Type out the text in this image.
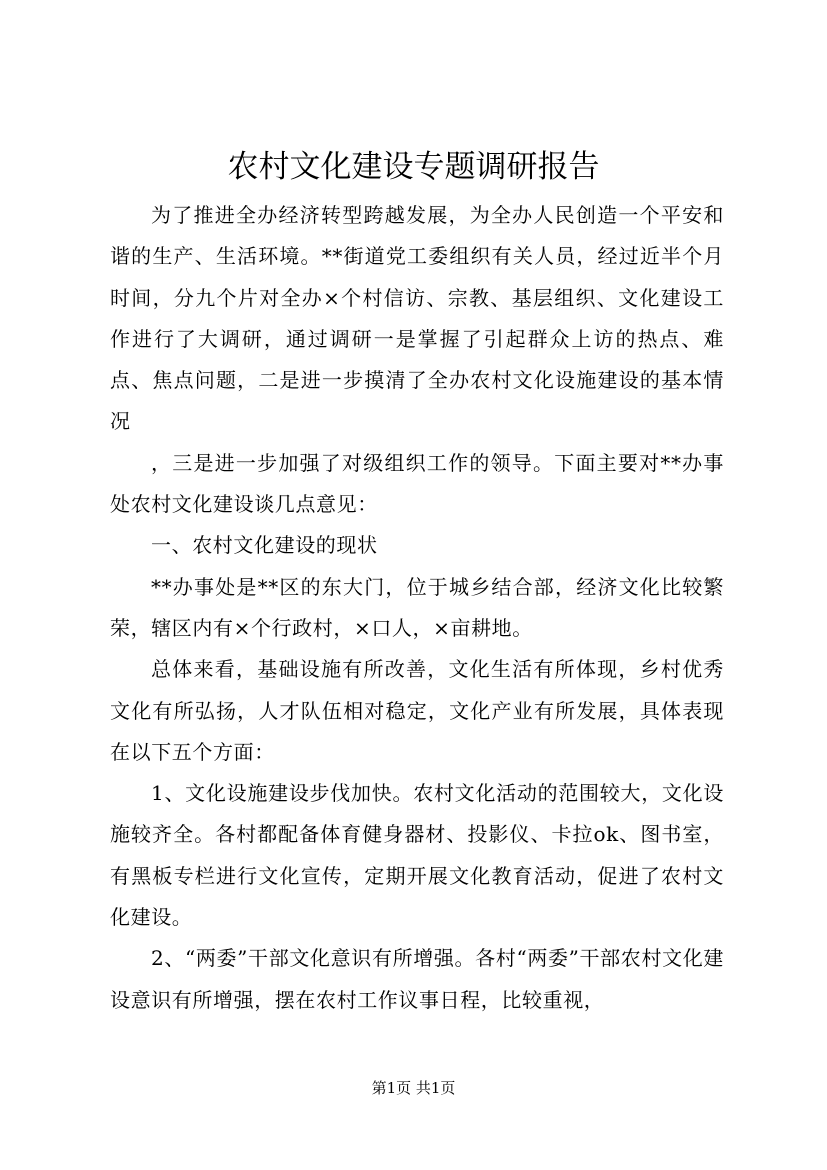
农村文化建设专题调研报告

为了推进全办经济转型跨越发展，为全办人民创造一个平安和谐的生产、生活环境。**街道党工委组织有关人员，经过近半个月时间，分九个片对全办×个村信访、宗教、基层组织、文化建设工作进行了大调研，通过调研一是掌握了引起群众上访的热点、难点、焦点问题，二是进一步摸清了全办农村文化设施建设的基本情况

，三是进一步加强了对级组织工作的领导。下面主要对**办事处农村文化建设谈几点意见：

一、农村文化建设的现状

**办事处是**区的东大门，位于城乡结合部，经济文化比较繁荣，辖区内有×个行政村，×口人，×亩耕地。

总体来看，基础设施有所改善，文化生活有所体现，乡村优秀文化有所弘扬，人才队伍相对稳定，文化产业有所发展，具体表现在以下五个方面：

1、文化设施建设步伐加快。农村文化活动的范围较大，文化设施较齐全。各村都配备体育健身器材、投影仪、卡拉ok、图书室，有黑板专栏进行文化宣传，定期开展文化教育活动，促进了农村文化建设。

2、“两委”干部文化意识有所增强。各村“两委”干部农村文化建设意识有所增强，摆在农村工作议事日程，比较重视，

第1页 共1页
